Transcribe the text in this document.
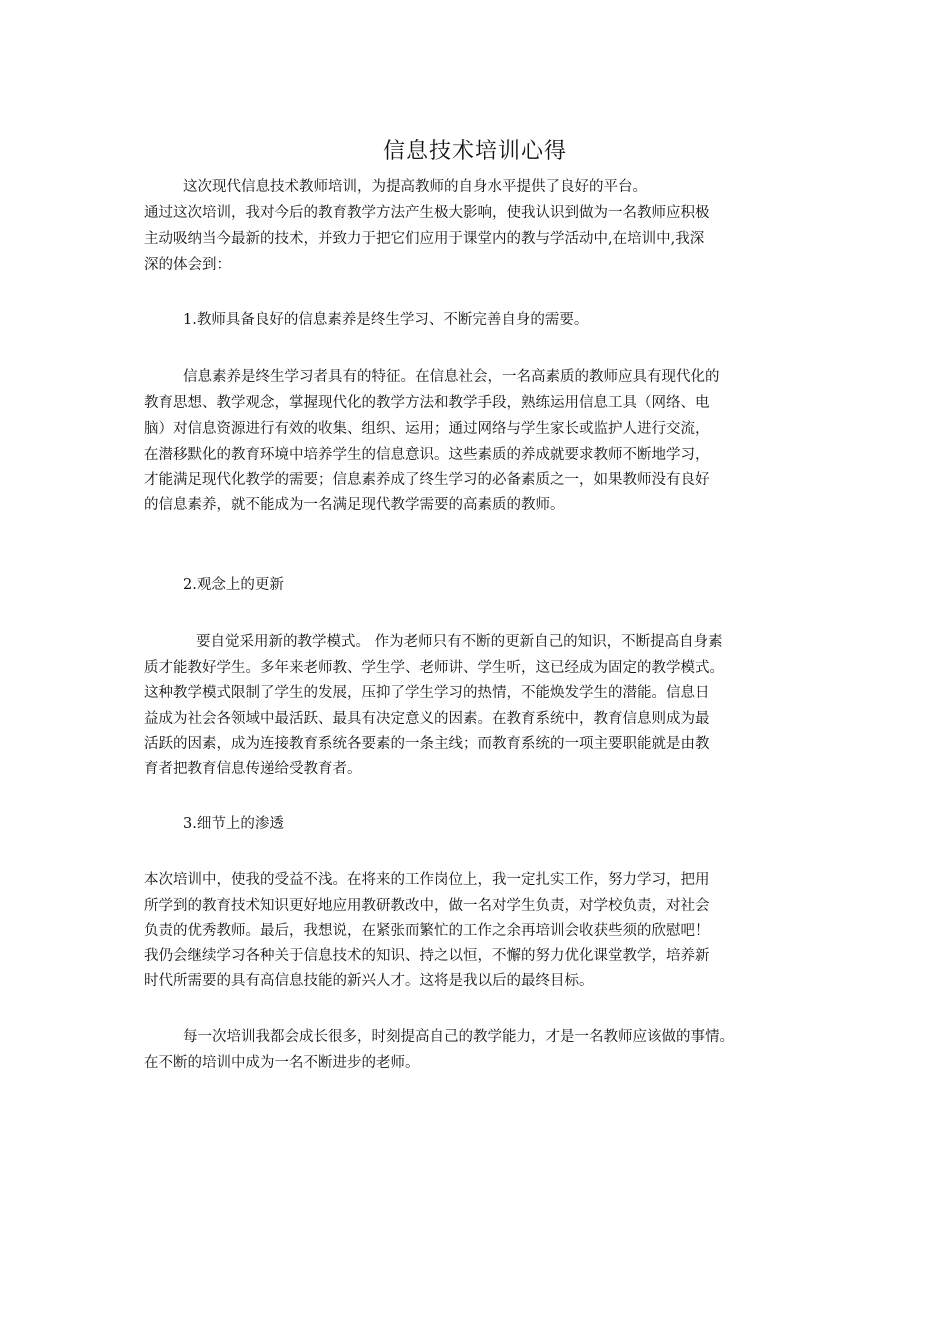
信息技术培训心得
这次现代信息技术教师培训，为提高教师的自身水平提供了良好的平台。
通过这次培训，我对今后的教育教学方法产生极大影响，使我认识到做为一名教师应积极
主动吸纳当今最新的技术，并致力于把它们应用于课堂内的教与学活动中,在培训中,我深
深的体会到：
1.教师具备良好的信息素养是终生学习、不断完善自身的需要。
信息素养是终生学习者具有的特征。在信息社会，一名高素质的教师应具有现代化的
教育思想、教学观念，掌握现代化的教学方法和教学手段，熟练运用信息工具（网络、电
脑）对信息资源进行有效的收集、组织、运用；通过网络与学生家长或监护人进行交流，
在潜移默化的教育环境中培养学生的信息意识。这些素质的养成就要求教师不断地学习，
才能满足现代化教学的需要；信息素养成了终生学习的必备素质之一，如果教师没有良好
的信息素养，就不能成为一名满足现代教学需要的高素质的教师。
2.观念上的更新
要自觉采用新的教学模式。 作为老师只有不断的更新自己的知识，不断提高自身素
质才能教好学生。多年来老师教、学生学、老师讲、学生听，这已经成为固定的教学模式。
这种教学模式限制了学生的发展，压抑了学生学习的热情，不能焕发学生的潜能。信息日
益成为社会各领域中最活跃、最具有决定意义的因素。在教育系统中，教育信息则成为最
活跃的因素，成为连接教育系统各要素的一条主线；而教育系统的一项主要职能就是由教
育者把教育信息传递给受教育者。
3.细节上的渗透
本次培训中，使我的受益不浅。在将来的工作岗位上，我一定扎实工作，努力学习，把用
所学到的教育技术知识更好地应用教研教改中，做一名对学生负责，对学校负责，对社会
负责的优秀教师。最后，我想说，在紧张而繁忙的工作之余再培训会收获些须的欣慰吧！
我仍会继续学习各种关于信息技术的知识、持之以恒，不懈的努力优化课堂教学，培养新
时代所需要的具有高信息技能的新兴人才。这将是我以后的最终目标。
每一次培训我都会成长很多，时刻提高自己的教学能力，才是一名教师应该做的事情。
在不断的培训中成为一名不断进步的老师。
